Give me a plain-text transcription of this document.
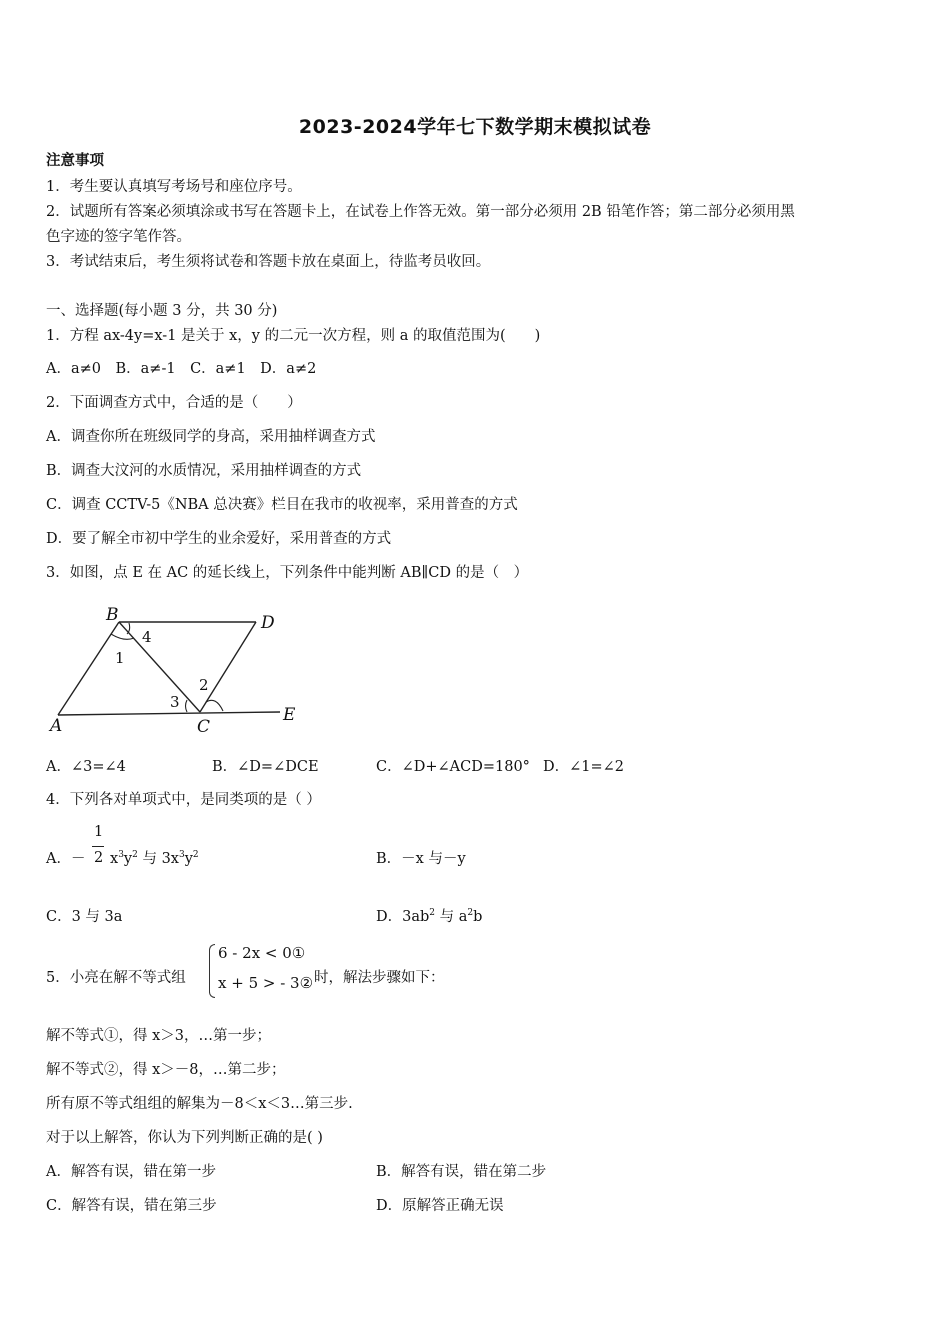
2023-2024学年七下数学期末模拟试卷
注意事项
1．考生要认真填写考场号和座位序号。
2．试题所有答案必须填涂或书写在答题卡上，在试卷上作答无效。第一部分必须用 2B 铅笔作答；第二部分必须用黑
色字迹的签字笔作答。
3．考试结束后，考生须将试卷和答题卡放在桌面上，待监考员收回。
一、选择题(每小题 3 分，共 30 分)
1．方程 ax-4y=x-1 是关于 x，y 的二元一次方程，则 a 的取值范围为(　　)
A．a≠0　B．a≠-1　C．a≠1　D．a≠2
2．下面调查方式中，合适的是（　　）
A．调查你所在班级同学的身高，采用抽样调查方式
B．调查大汶河的水质情况，采用抽样调查的方式
C．调查 CCTV-5《NBA 总决赛》栏目在我市的收视率，采用普查的方式
D．要了解全市初中学生的业余爱好，采用普查的方式
3．如图，点 E 在 AC 的延长线上，下列条件中能判断 AB∥CD 的是（　）
B	D
A	C
E
1
4
3
2
A．∠3=∠4	B．∠D=∠DCE	C．∠D+∠ACD=180° D．∠1=∠2
4．下列各对单项式中，是同类项的是（ ）
A．－
1
2 $x^3y^2$ 与 $3x^3y^2$	B．－x 与－y
C．3 与 3a	D．$3ab^2$ 与 $a^2b$
5．小亮在解不等式组
6 - 2x < 0①
x + 5 > - 3② 时，解法步骤如下：
解不等式①，得 x＞3，…第一步；
解不等式②，得 x＞－8，…第二步；
所有原不等式组组的解集为－8＜x＜3…第三步.
对于以上解答，你认为下列判断正确的是( )
A．解答有误，错在第一步	B．解答有误，错在第二步
C．解答有误，错在第三步	D．原解答正确无误
